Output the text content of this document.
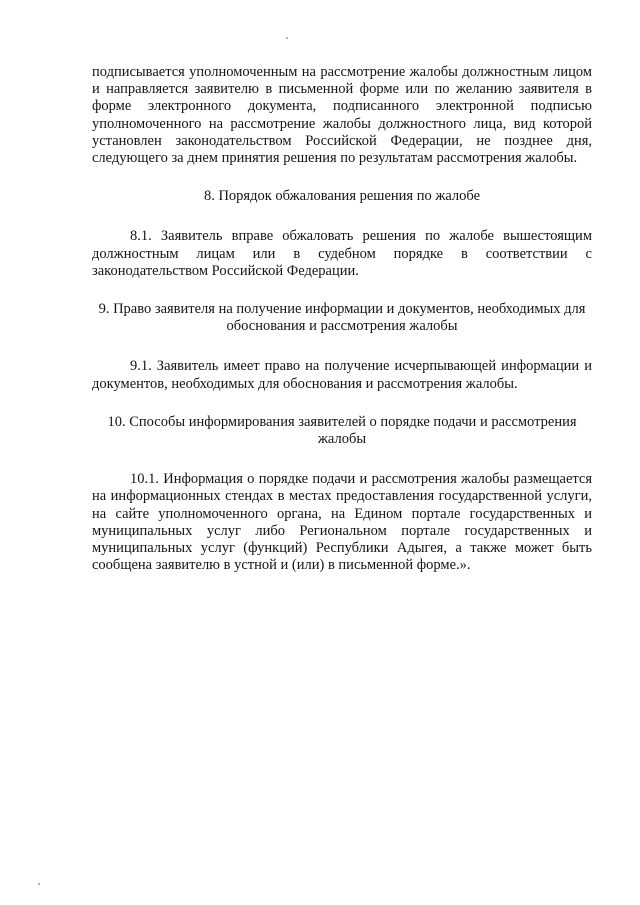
подписывается уполномоченным на рассмотрение жалобы должностным лицом и направляется заявителю в письменной форме или по желанию заявителя в форме электронного документа, подписанного электронной подписью уполномоченного на рассмотрение жалобы должностного лица, вид которой установлен законодательством Российской Федерации, не позднее дня, следующего за днем принятия решения по результатам рассмотрения жалобы.

8. Порядок обжалования решения по жалобе

8.1. Заявитель вправе обжаловать решения по жалобе вышестоящим должностным лицам или в судебном порядке в соответствии с законодательством Российской Федерации.

9. Право заявителя на получение информации и документов, необходимых для обоснования и рассмотрения жалобы

9.1. Заявитель имеет право на получение исчерпывающей информации и документов, необходимых для обоснования и рассмотрения жалобы.

10. Способы информирования заявителей о порядке подачи и рассмотрения жалобы

10.1. Информация о порядке подачи и рассмотрения жалобы размещается на информационных стендах в местах предоставления государственной услуги, на сайте уполномоченного органа, на Едином портале государственных и муниципальных услуг либо Региональном портале государственных и муниципальных услуг (функций) Республики Адыгея, а также может быть сообщена заявителю в устной и (или) в письменной форме.».
